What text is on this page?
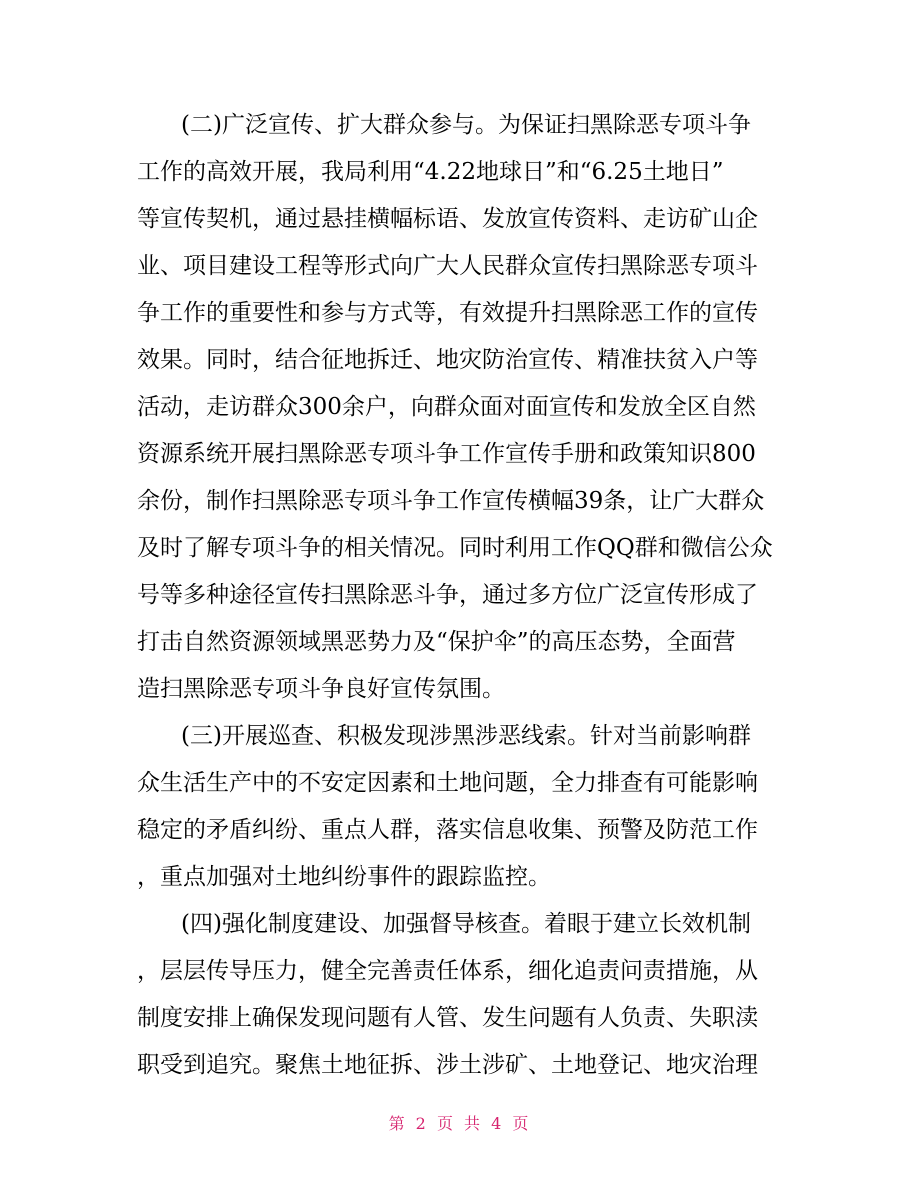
(二)广泛宣传、扩大群众参与。为保证扫黑除恶专项斗争
工作的高效开展，我局利用“4.22地球日”和“6.25土地日”
等宣传契机，通过悬挂横幅标语、发放宣传资料、走访矿山企
业、项目建设工程等形式向广大人民群众宣传扫黑除恶专项斗
争工作的重要性和参与方式等，有效提升扫黑除恶工作的宣传
效果。同时，结合征地拆迁、地灾防治宣传、精准扶贫入户等
活动，走访群众300余户，向群众面对面宣传和发放全区自然
资源系统开展扫黑除恶专项斗争工作宣传手册和政策知识800
余份，制作扫黑除恶专项斗争工作宣传横幅39条，让广大群众
及时了解专项斗争的相关情况。同时利用工作QQ群和微信公众
号等多种途径宣传扫黑除恶斗争，通过多方位广泛宣传形成了
打击自然资源领域黑恶势力及“保护伞”的高压态势，全面营
造扫黑除恶专项斗争良好宣传氛围。
(三)开展巡查、积极发现涉黑涉恶线索。针对当前影响群
众生活生产中的不安定因素和土地问题，全力排查有可能影响
稳定的矛盾纠纷、重点人群，落实信息收集、预警及防范工作
，重点加强对土地纠纷事件的跟踪监控。
(四)强化制度建设、加强督导核查。着眼于建立长效机制
，层层传导压力，健全完善责任体系，细化追责问责措施，从
制度安排上确保发现问题有人管、发生问题有人负责、失职渎
职受到追究。聚焦土地征拆、涉土涉矿、土地登记、地灾治理
第 2 页 共 4 页
